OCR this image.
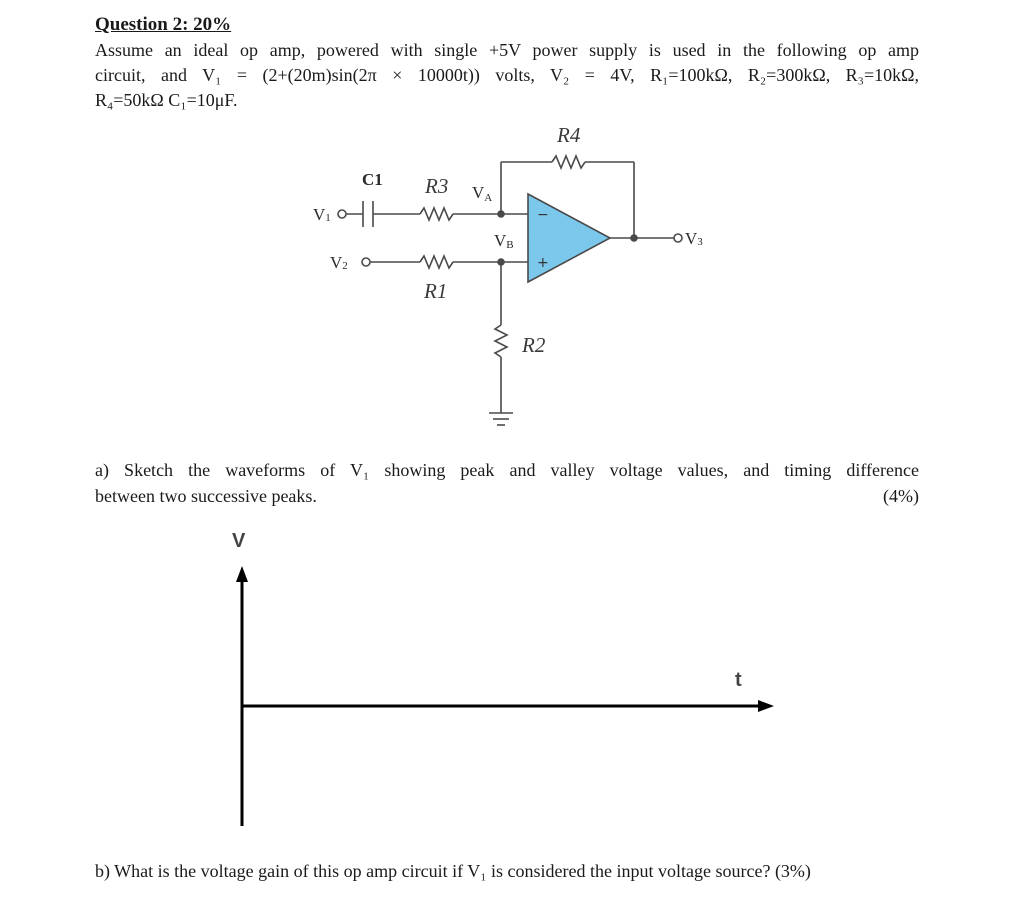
Question 2: 20%

Assume an ideal op amp, powered with single +5V power supply is used in the following op amp
circuit, and V₁ = (2+(20m)sin(2π × 10000t)) volts, V₂ = 4V, R₁=100kΩ, R₂=300kΩ, R₃=10kΩ,
R₄=50kΩ C₁=10μF.

R4
C1 R3 VA
V1
VB
V2
V3
R1
R2
−
+
V
t

a) Sketch the waveforms of V₁ showing peak and valley voltage values, and timing difference
between two successive peaks.	(4%)

b) What is the voltage gain of this op amp circuit if V₁ is considered the input voltage source? (3%)
